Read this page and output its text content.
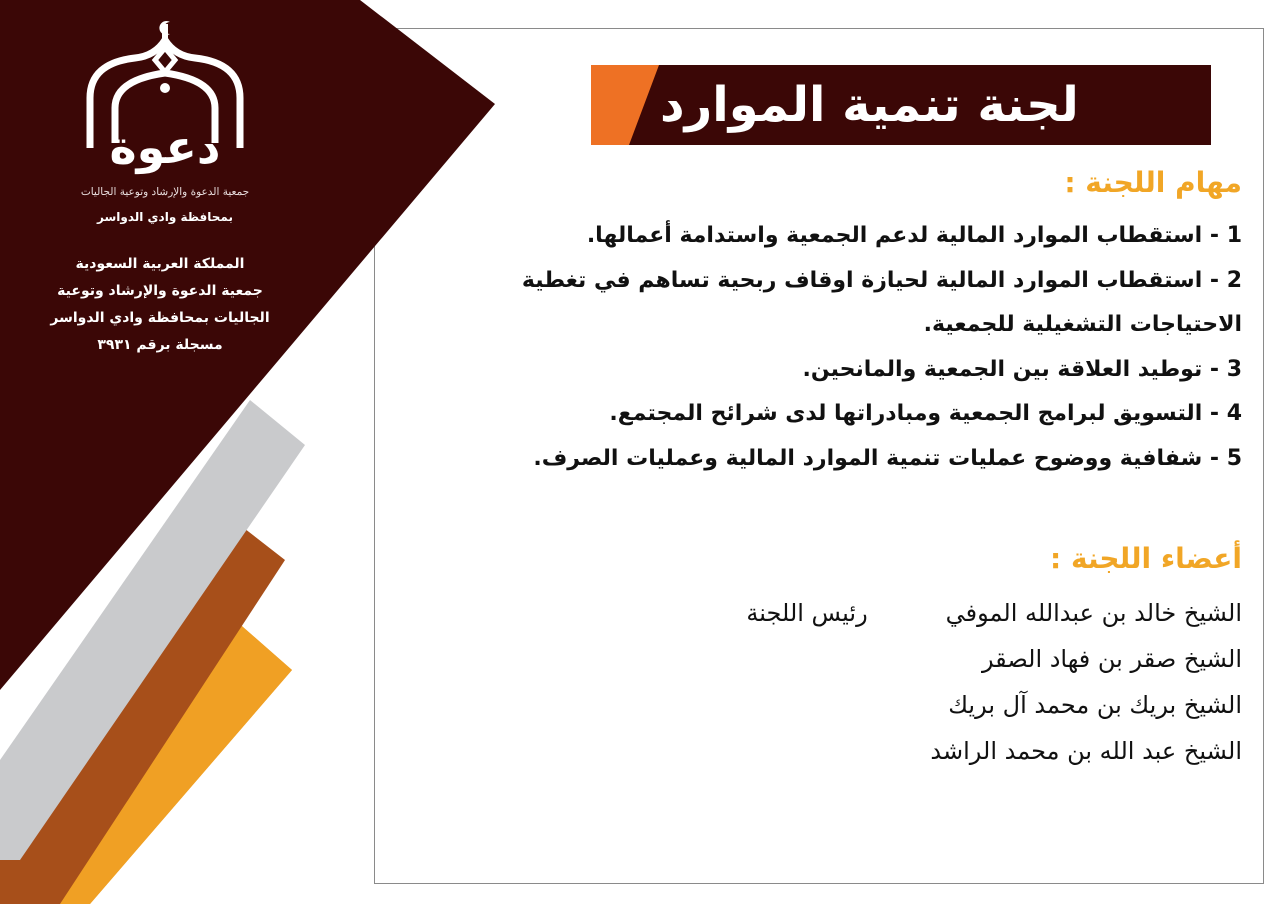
دعوة
جمعية الدعوة والإرشاد وتوعية الجاليات
بمحافظة وادي الدواسر
المملكة العربية السعودية
جمعية الدعوة والإرشاد وتوعية
الجاليات بمحافظة وادي الدواسر
مسجلة برقم ٣٩٣١
لجنة تنمية الموارد
مهام اللجنة :
1 - استقطاب الموارد المالية لدعم الجمعية واستدامة أعمالها.
2 - استقطاب الموارد المالية لحيازة اوقاف ربحية تساهم في تغطية الاحتياجات التشغيلية للجمعية.
3 - توطيد العلاقة بين الجمعية والمانحين.
4 - التسويق لبرامج الجمعية ومبادراتها لدى شرائح المجتمع.
5 - شفافية ووضوح عمليات تنمية الموارد المالية وعمليات الصرف.
أعضاء اللجنة :
الشيخ خالد بن عبدالله الموفي
رئيس اللجنة
الشيخ صقر بن فهاد الصقر
الشيخ بريك بن محمد آل بريك
الشيخ عبد الله بن محمد الراشد
